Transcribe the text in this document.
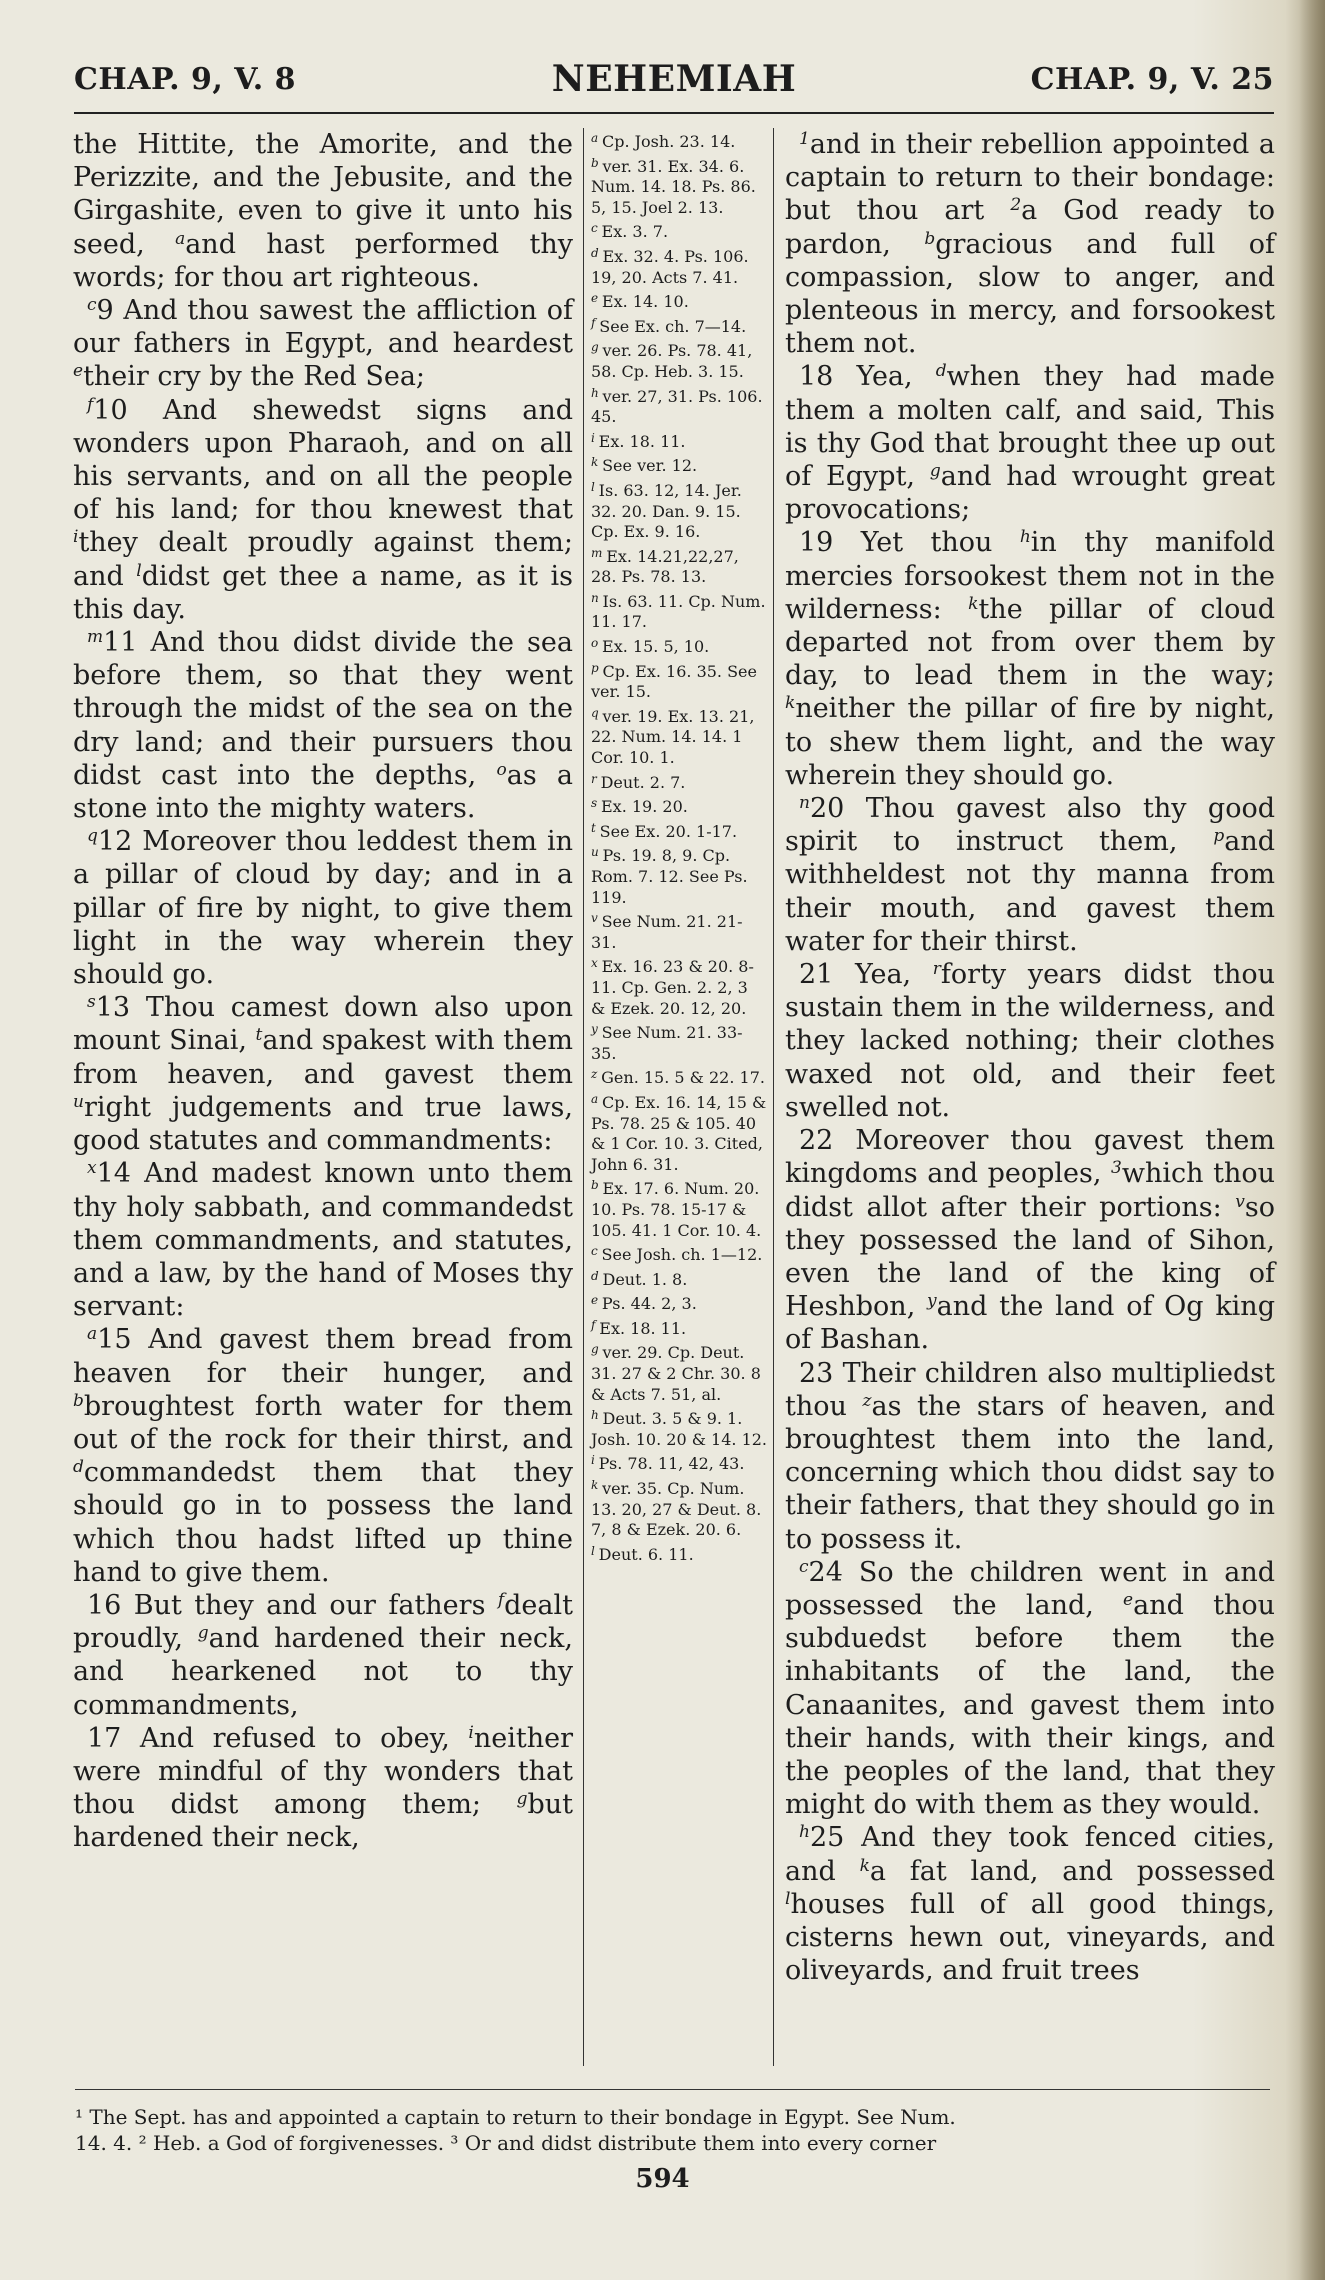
CHAP. 9, V. 8	NEHEMIAH	CHAP. 9, V. 25

the Hittite, the Amorite, and the Perizzite, and the Jebusite, and the Girgashite, even to give it unto his seed, $^a$and hast performed thy words; for thou art righteous.

$^c$9 And thou sawest the affliction of our fathers in Egypt, and heardest $^e$their cry by the Red Sea;

$^f$10 And shewedst signs and wonders upon Pharaoh, and on all his servants, and on all the people of his land; for thou knewest that $^i$they dealt proudly against them; and $^l$didst get thee a name, as it is this day.

$^m$11 And thou didst divide the sea before them, so that they went through the midst of the sea on the dry land; and their pursuers thou didst cast into the depths, $^o$as a stone into the mighty waters.

$^q$12 Moreover thou leddest them in a pillar of cloud by day; and in a pillar of fire by night, to give them light in the way wherein they should go.

$^s$13 Thou camest down also upon mount Sinai, $^t$and spakest with them from heaven, and gavest them $^u$right judgements and true laws, good statutes and commandments:

$^x$14 And madest known unto them thy holy sabbath, and commandedst them commandments, and statutes, and a law, by the hand of Moses thy servant:

$^a$15 And gavest them bread from heaven for their hunger, and $^b$broughtest forth water for them out of the rock for their thirst, and $^d$commandedst them that they should go in to possess the land which thou hadst lifted up thine hand to give them.

16 But they and our fathers $^f$dealt proudly, $^g$and hardened their neck, and hearkened not to thy commandments,

17 And refused to obey, $^i$neither were mindful of thy wonders that thou didst among them; $^g$but hardened their neck,

$^a$ Cp. Josh. 23. 14.

$^b$ ver. 31. Ex. 34. 6. Num. 14. 18. Ps. 86. 5, 15. Joel 2. 13.

$^c$ Ex. 3. 7.

$^d$ Ex. 32. 4. Ps. 106. 19, 20. Acts 7. 41.

$^e$ Ex. 14. 10.

$^f$ See Ex. ch. 7—14.

$^g$ ver. 26. Ps. 78. 41, 58. Cp. Heb. 3. 15.

$^h$ ver. 27, 31. Ps. 106. 45.

$^i$ Ex. 18. 11.

$^k$ See ver. 12.

$^l$ Is. 63. 12, 14. Jer. 32. 20. Dan. 9. 15. Cp. Ex. 9. 16.

$^m$ Ex. 14.21,22,27, 28. Ps. 78. 13.

$^n$ Is. 63. 11. Cp. Num. 11. 17.

$^o$ Ex. 15. 5, 10.

$^p$ Cp. Ex. 16. 35. See ver. 15.

$^q$ ver. 19. Ex. 13. 21, 22. Num. 14. 14. 1 Cor. 10. 1.

$^r$ Deut. 2. 7.

$^s$ Ex. 19. 20.

$^t$ See Ex. 20. 1-17.

$^u$ Ps. 19. 8, 9. Cp. Rom. 7. 12. See Ps. 119.

$^v$ See Num. 21. 21-31.

$^x$ Ex. 16. 23 & 20. 8-11. Cp. Gen. 2. 2, 3 & Ezek. 20. 12, 20.

$^y$ See Num. 21. 33-35.

$^z$ Gen. 15. 5 & 22. 17.

$^a$ Cp. Ex. 16. 14, 15 & Ps. 78. 25 & 105. 40 & 1 Cor. 10. 3. Cited, John 6. 31.

$^b$ Ex. 17. 6. Num. 20. 10. Ps. 78. 15-17 & 105. 41. 1 Cor. 10. 4.

$^c$ See Josh. ch. 1—12.

$^d$ Deut. 1. 8.

$^e$ Ps. 44. 2, 3.

$^f$ Ex. 18. 11.

$^g$ ver. 29. Cp. Deut. 31. 27 & 2 Chr. 30. 8 & Acts 7. 51, al.

$^h$ Deut. 3. 5 & 9. 1. Josh. 10. 20 & 14. 12.

$^i$ Ps. 78. 11, 42, 43.

$^k$ ver. 35. Cp. Num. 13. 20, 27 & Deut. 8. 7, 8 & Ezek. 20. 6.

$^l$ Deut. 6. 11.

$^1$and in their rebellion appointed a captain to return to their bondage: but thou art $^2$a God ready to pardon, $^b$gracious and full of compassion, slow to anger, and plenteous in mercy, and forsookest them not.

18 Yea, $^d$when they had made them a molten calf, and said, This is thy God that brought thee up out of Egypt, $^g$and had wrought great provocations;

19 Yet thou $^h$in thy manifold mercies forsookest them not in the wilderness: $^k$the pillar of cloud departed not from over them by day, to lead them in the way; $^k$neither the pillar of fire by night, to shew them light, and the way wherein they should go.

$^n$20 Thou gavest also thy good spirit to instruct them, $^p$and withheldest not thy manna from their mouth, and gavest them water for their thirst.

21 Yea, $^r$forty years didst thou sustain them in the wilderness, and they lacked nothing; their clothes waxed not old, and their feet swelled not.

22 Moreover thou gavest them kingdoms and peoples, $^3$which thou didst allot after their portions: $^v$so they possessed the land of Sihon, even the land of the king of Heshbon, $^y$and the land of Og king of Bashan.

23 Their children also multipliedst thou $^z$as the stars of heaven, and broughtest them into the land, concerning which thou didst say to their fathers, that they should go in to possess it.

$^c$24 So the children went in and possessed the land, $^e$and thou subduedst before them the inhabitants of the land, the Canaanites, and gavest them into their hands, with their kings, and the peoples of the land, that they might do with them as they would.

$^h$25 And they took fenced cities, and $^k$a fat land, and possessed $^l$houses full of all good things, cisterns hewn out, vineyards, and oliveyards, and fruit trees

¹ The Sept. has and appointed a captain to return to their bondage in Egypt. See Num.

14. 4. ² Heb. a God of forgivenesses. ³ Or and didst distribute them into every corner

594
